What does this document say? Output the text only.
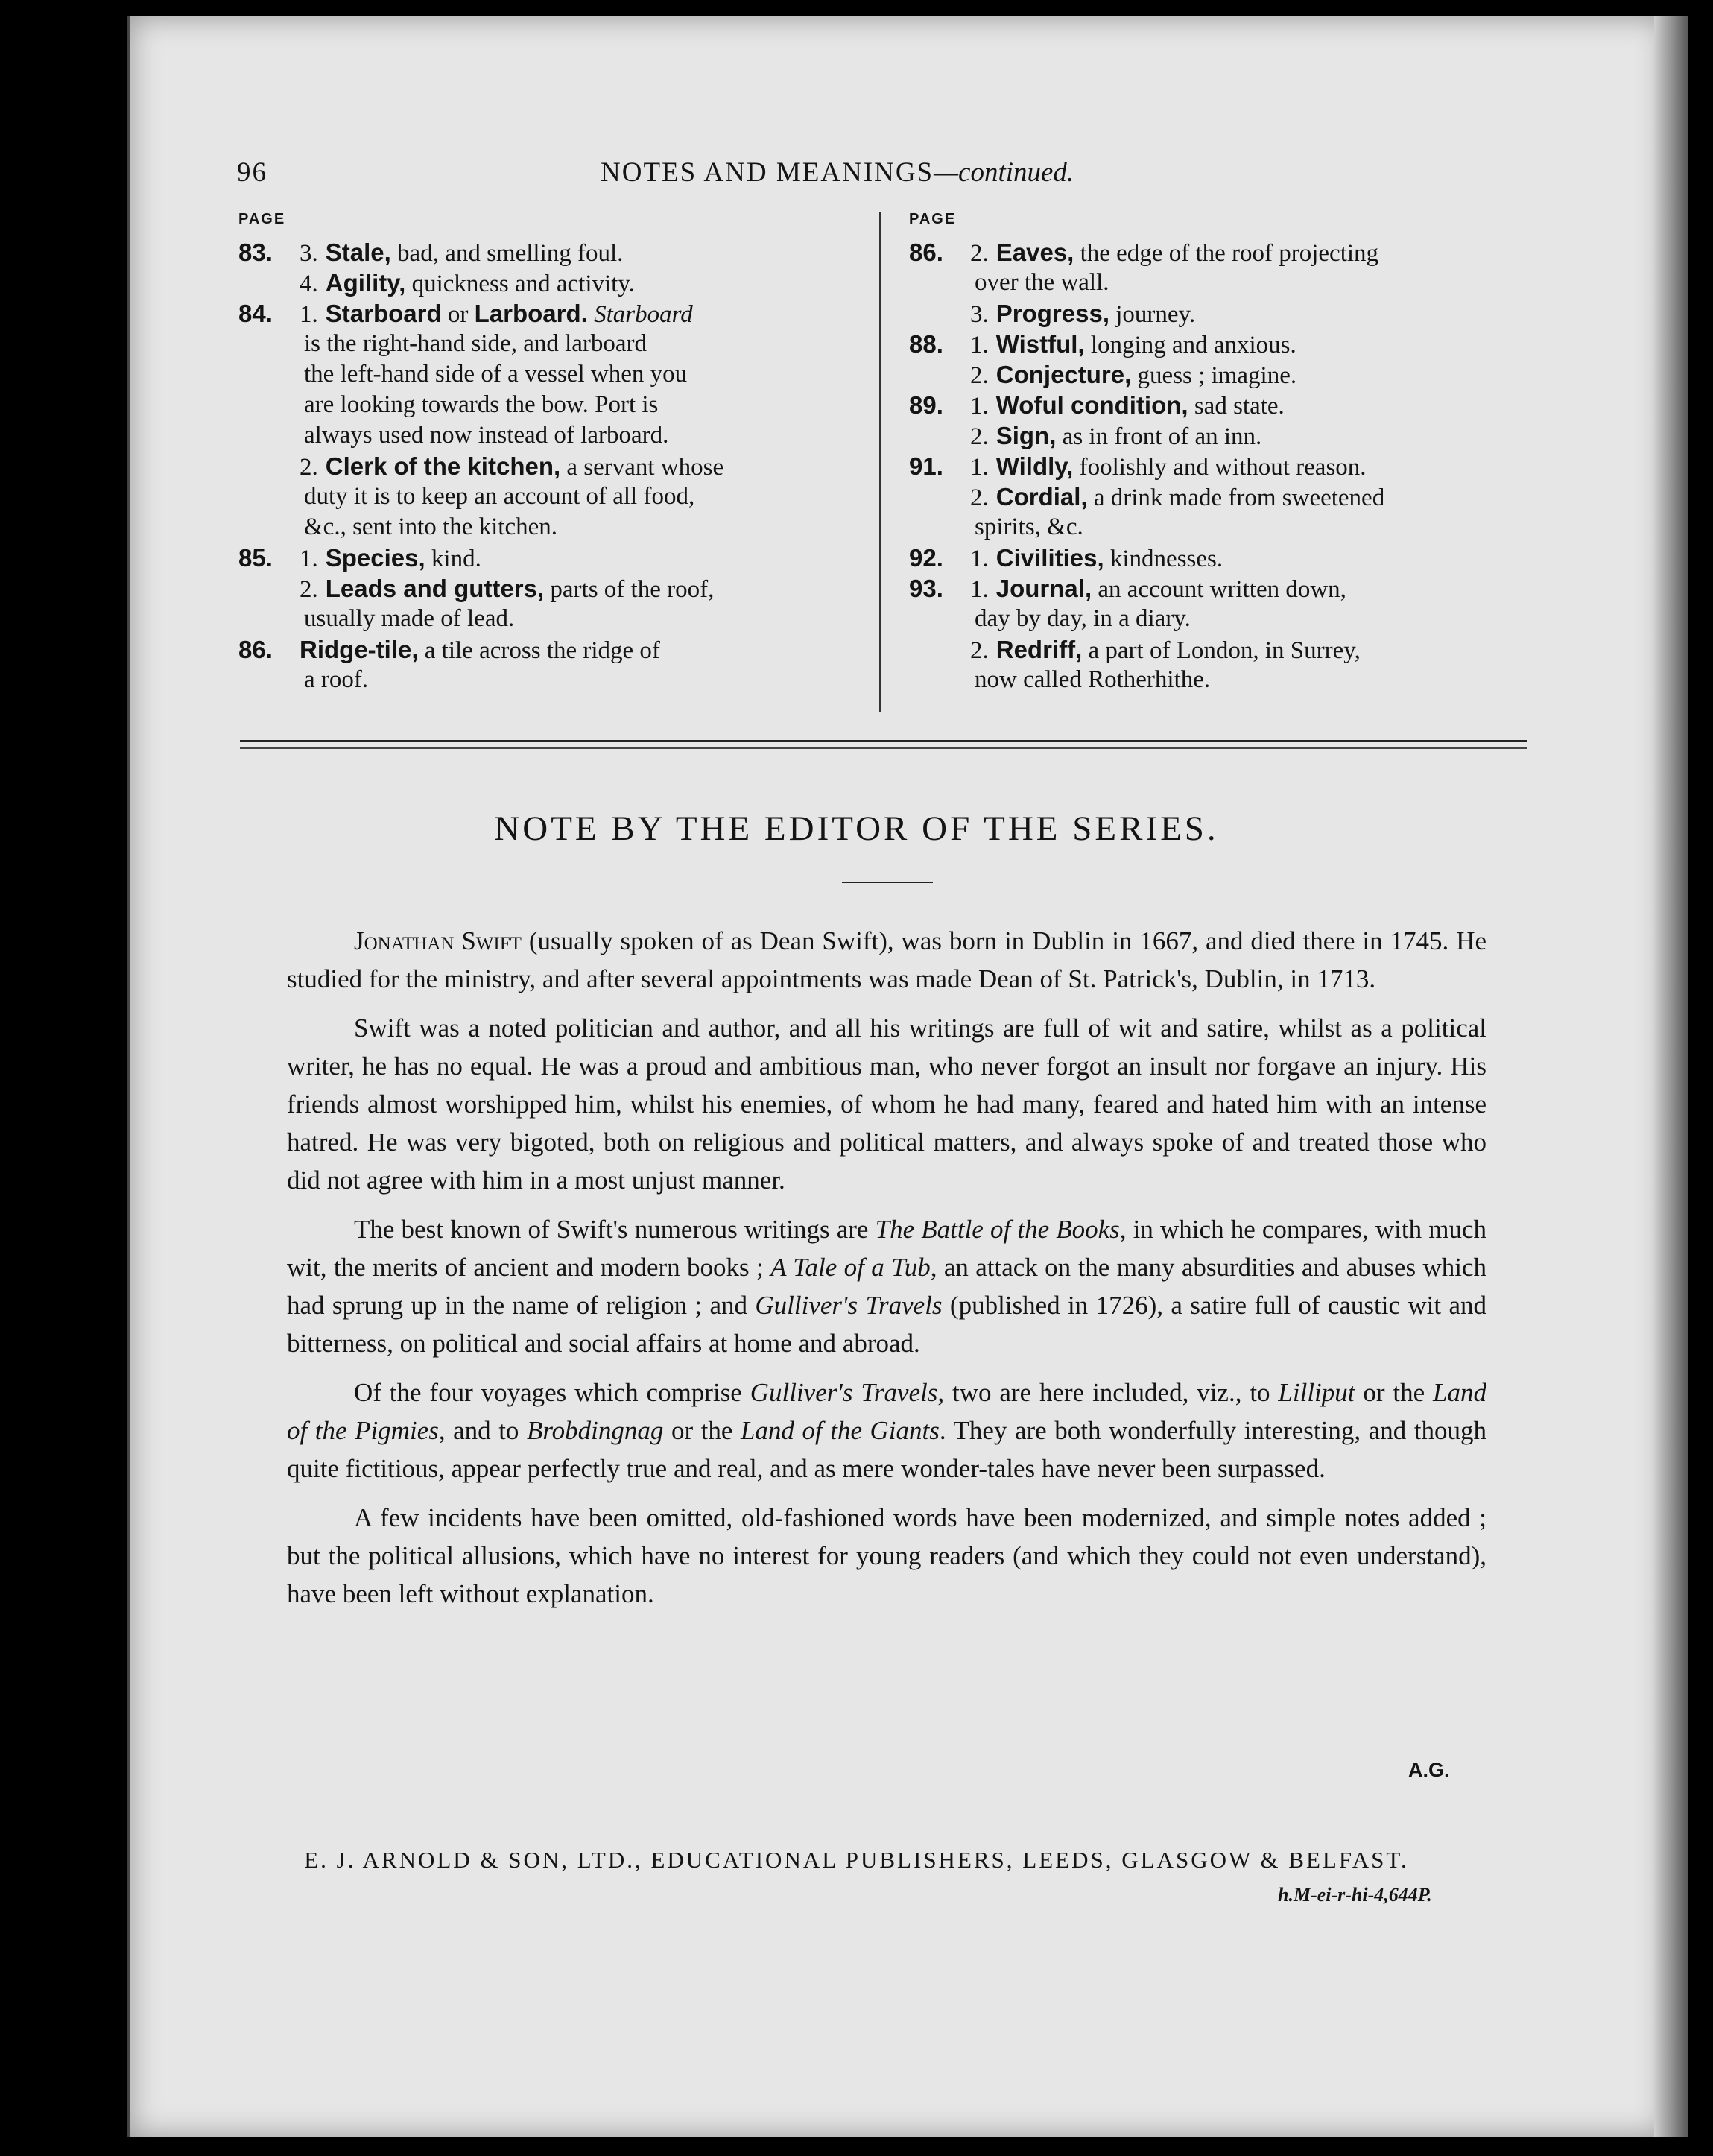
96	NOTES AND MEANINGS—continued.
PAGE	PAGE
83. 3. Stale, bad, and smelling foul.
4. Agility, quickness and activity.
84. 1. Starboard or Larboard. Starboard
is the right-hand side, and larboard
the left-hand side of a vessel when you
are looking towards the bow. Port is
always used now instead of larboard.
2. Clerk of the kitchen, a servant whose
duty it is to keep an account of all food,
&c., sent into the kitchen.
85. 1. Species, kind.
2. Leads and gutters, parts of the roof,
usually made of lead.
86. Ridge-tile, a tile across the ridge of
a roof.
86. 2. Eaves, the edge of the roof projecting
over the wall.
3. Progress, journey.
88. 1. Wistful, longing and anxious.
2. Conjecture, guess ; imagine.
89. 1. Woful condition, sad state.
2. Sign, as in front of an inn.
91. 1. Wildly, foolishly and without reason.
2. Cordial, a drink made from sweetened
spirits, &c.
92. 1. Civilities, kindnesses.
93. 1. Journal, an account written down,
day by day, in a diary.
2. Redriff, a part of London, in Surrey,
now called Rotherhithe.
NOTE BY THE EDITOR OF THE SERIES.

Jonathan Swift (usually spoken of as Dean Swift), was born in Dublin in 1667, and died there in 1745. He studied for the ministry, and after several appointments was made Dean of St. Patrick's, Dublin, in 1713.

Swift was a noted politician and author, and all his writings are full of wit and satire, whilst as a political writer, he has no equal. He was a proud and ambitious man, who never forgot an insult nor forgave an injury. His friends almost worshipped him, whilst his enemies, of whom he had many, feared and hated him with an intense hatred. He was very bigoted, both on religious and political matters, and always spoke of and treated those who did not agree with him in a most unjust manner.

The best known of Swift's numerous writings are The Battle of the Books, in which he compares, with much wit, the merits of ancient and modern books ; A Tale of a Tub, an attack on the many absurdities and abuses which had sprung up in the name of religion ; and Gulliver's Travels (published in 1726), a satire full of caustic wit and bitterness, on political and social affairs at home and abroad.

Of the four voyages which comprise Gulliver's Travels, two are here included, viz., to Lilliput or the Land of the Pigmies, and to Brobdingnag or the Land of the Giants. They are both wonderfully interesting, and though quite fictitious, appear perfectly true and real, and as mere wonder-tales have never been surpassed.

A few incidents have been omitted, old-fashioned words have been modernized, and simple notes added ; but the political allusions, which have no interest for young readers (and which they could not even understand), have been left without explanation.

A.G.
E. J. ARNOLD & SON, LTD., EDUCATIONAL PUBLISHERS, LEEDS, GLASGOW & BELFAST.
h.M-ei-r-hi-4,644P.
